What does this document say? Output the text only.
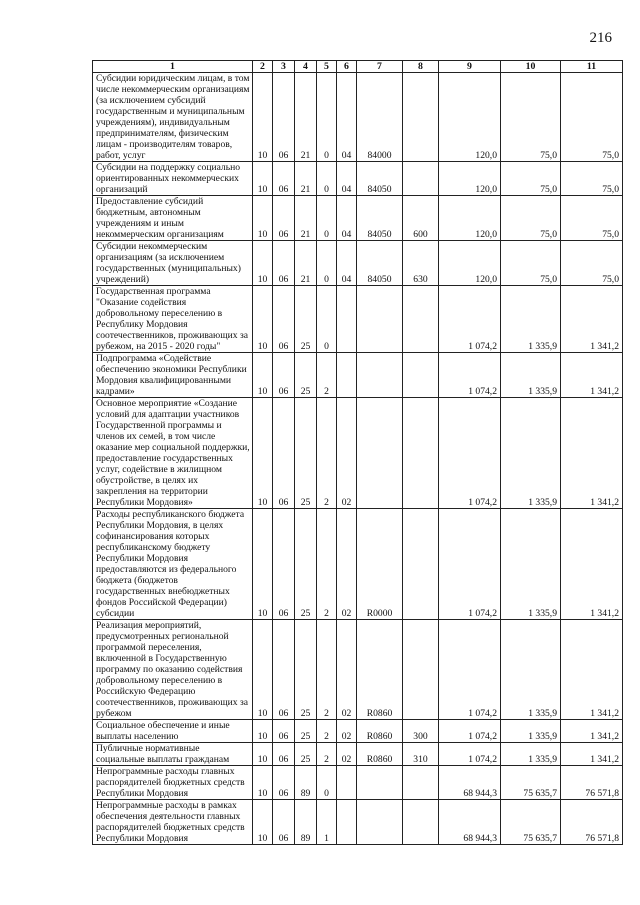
216
1	2	3	4	5	6	7	8	9	10	11
Субсидии юридическим лицам, в том числе некоммерческим организациям (за исключением субсидий государственным и муниципальным учреждениям), индивидуальным предпринимателям, физическим лицам - производителям товаров, работ, услуг	10	06	21	0	04	84000		120,0	75,0	75,0
Субсидии на поддержку социально ориентированных некоммерческих организаций	10	06	21	0	04	84050		120,0	75,0	75,0
Предоставление субсидий бюджетным, автономным учреждениям и иным некоммерческим организациям	10	06	21	0	04	84050	600	120,0	75,0	75,0
Субсидии некоммерческим организациям (за исключением государственных (муниципальных) учреждений)	10	06	21	0	04	84050	630	120,0	75,0	75,0
Государственная программа "Оказание содействия добровольному переселению в Республику Мордовия соотечественников, проживающих за рубежом, на 2015 - 2020 годы"	10	06	25	0				1 074,2	1 335,9	1 341,2
Подпрограмма «Содействие обеспечению экономики Республики Мордовия квалифицированными кадрами»	10	06	25	2				1 074,2	1 335,9	1 341,2
Основное мероприятие «Создание условий для адаптации участников Государственной программы и членов их семей, в том числе оказание мер социальной поддержки, предоставление государственных услуг, содействие в жилищном обустройстве, в целях их закрепления на территории Республики Мордовия»	10	06	25	2	02			1 074,2	1 335,9	1 341,2
Расходы республиканского бюджета Республики Мордовия, в целях софинансирования которых республиканскому бюджету Республики Мордовия предоставляются из федерального бюджета (бюджетов государственных внебюджетных фондов Российской Федерации) субсидии	10	06	25	2	02	R0000		1 074,2	1 335,9	1 341,2
Реализация мероприятий, предусмотренных региональной программой переселения, включенной в Государственную программу по оказанию содействия добровольному переселению в Российскую Федерацию соотечественников, проживающих за рубежом	10	06	25	2	02	R0860		1 074,2	1 335,9	1 341,2
Социальное обеспечение и иные выплаты населению	10	06	25	2	02	R0860	300	1 074,2	1 335,9	1 341,2
Публичные нормативные социальные выплаты гражданам	10	06	25	2	02	R0860	310	1 074,2	1 335,9	1 341,2
Непрограммные расходы главных распорядителей бюджетных средств Республики Мордовия	10	06	89	0				68 944,3	75 635,7	76 571,8
Непрограммные расходы в рамках обеспечения деятельности главных распорядителей бюджетных средств Республики Мордовия	10	06	89	1				68 944,3	75 635,7	76 571,8
